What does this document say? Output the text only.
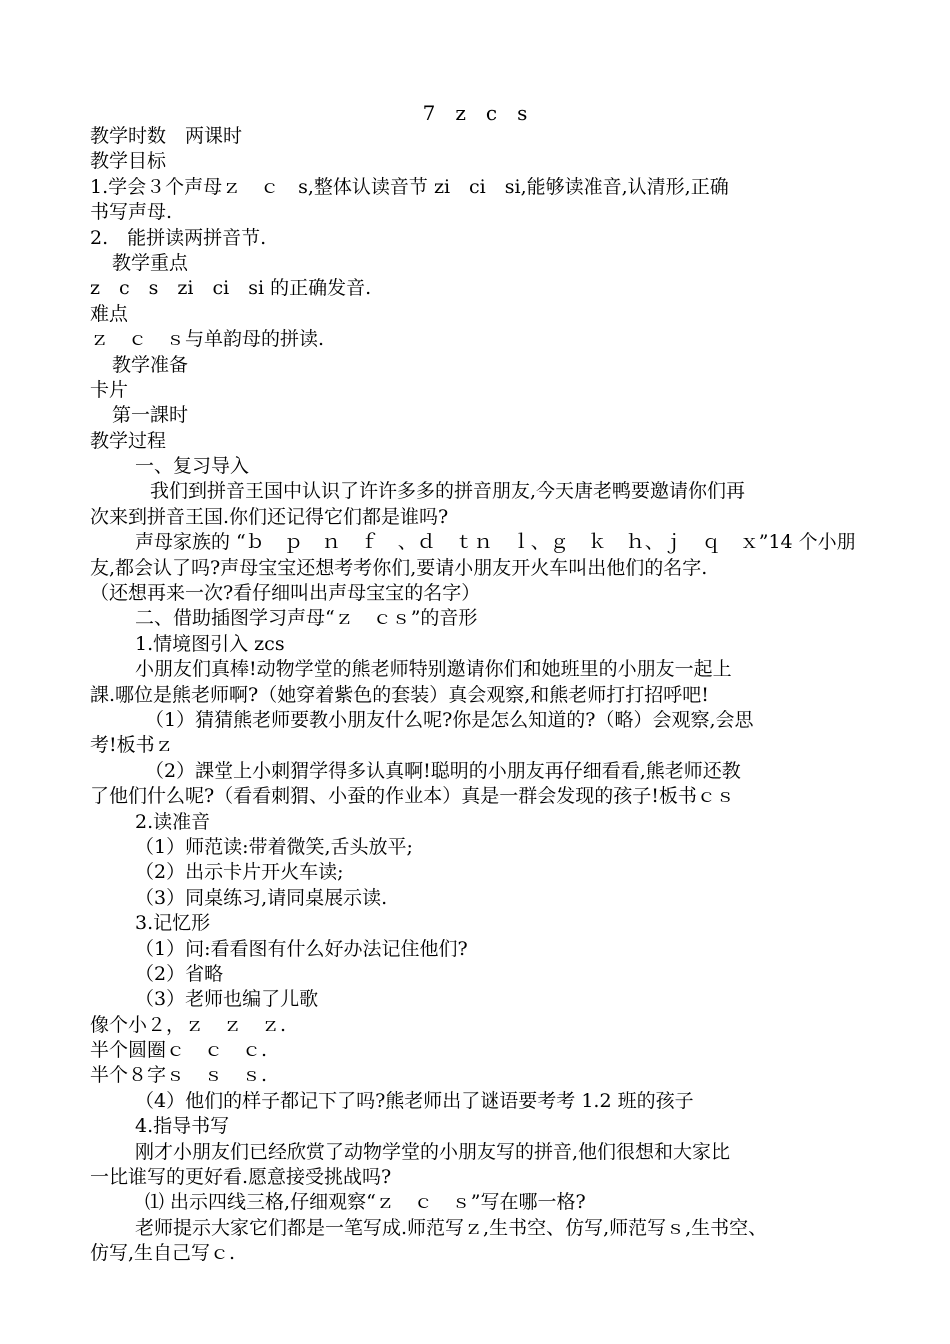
7　z　c　s
教学时数　两课时
教学目标
1.学会３个声母ｚ　ｃ　s,整体认读音节 zi　ci　si,能够读准音,认清形,正确
书写声母.
2.　能拼读两拼音节.
教学重点
z　c　s　zi　ci　si 的正确发音.
难点
ｚ　ｃ　ｓ与单韵母的拼读.
教学准备
卡片
第一課时
教学过程
一、复习导入
我们到拼音王国中认识了许许多多的拼音朋友,今天唐老鸭要邀请你们再
次来到拼音王国.你们还记得它们都是谁吗?
声母家族的 “ｂ　ｐ　ｎ　ｆ　、ｄ　ｔｎ　ｌ、ｇ　ｋ　ｈ、ｊ　ｑ　ｘ”14 个小朋
友,都会认了吗?声母宝宝还想考考你们,要请小朋友开火车叫出他们的名字.
（还想再来一次?看仔细叫出声母宝宝的名字）
二、借助插图学习声母“ｚ　ｃｓ”的音形
1.情境图引入 zcs
小朋友们真棒!动物学堂的熊老师特别邀请你们和她班里的小朋友一起上
課.哪位是熊老师啊?（她穿着紫色的套装）真会观察,和熊老师打打招呼吧!
（1）猜猜熊老师要教小朋友什么呢?你是怎么知道的?（略）会观察,会思
考!板书ｚ
（2）課堂上小刺猬学得多认真啊!聪明的小朋友再仔细看看,熊老师还教
了他们什么呢?（看看刺猬、小蚕的作业本）真是一群会发现的孩子!板书ｃｓ
2.读准音
（1）师范读:带着微笑,舌头放平;
（2）出示卡片开火车读;
（3）同桌练习,请同桌展示读.
3.记忆形
（1）问:看看图有什么好办法记住他们?
（2）省略
（3）老师也编了儿歌
像个小２，ｚ　ｚ　ｚ.
半个圆圈ｃ　ｃ　ｃ.
半个８字ｓ　ｓ　ｓ.
（4）他们的样子都记下了吗?熊老师出了谜语要考考 1.2 班的孩子
4.指导书写
刚才小朋友们已经欣赏了动物学堂的小朋友写的拼音,他们很想和大家比
一比谁写的更好看.愿意接受挑战吗?
⑴ 出示四线三格,仔细观察“ｚ　ｃ　ｓ”写在哪一格?
老师提示大家它们都是一笔写成.师范写ｚ,生书空、仿写,师范写ｓ,生书空、
仿写,生自己写ｃ.
